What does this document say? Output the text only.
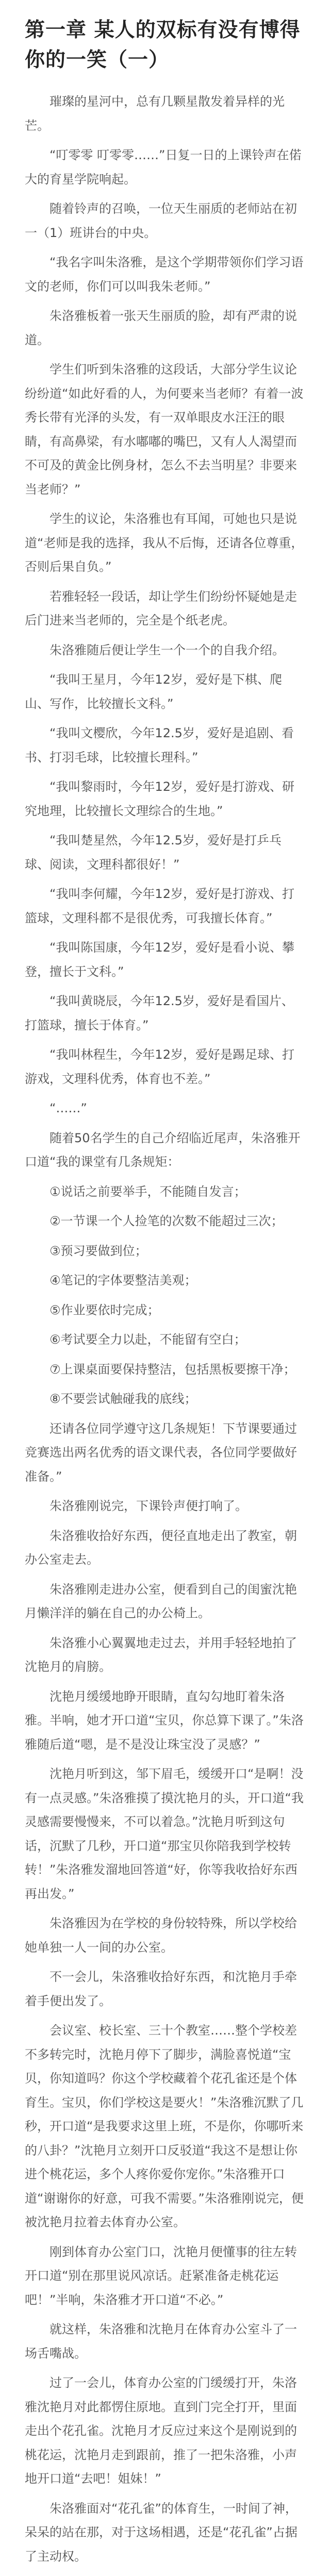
第一章 某人的双标有没有博得你的一笑（一）

璀璨的星河中，总有几颗星散发着异样的光芒。

“叮零零 叮零零……”日复一日的上课铃声在偌大的育星学院响起。

随着铃声的召唤，一位天生丽质的老师站在初一（1）班讲台的中央。

“我名字叫朱洛雅，是这个学期带领你们学习语文的老师，你们可以叫我朱老师。”

朱洛雅板着一张天生丽质的脸，却有严肃的说道。

学生们听到朱洛雅的这段话，大部分学生议论纷纷道“如此好看的人，为何要来当老师？有着一波秀长带有光泽的头发，有一双单眼皮水汪汪的眼睛，有高鼻梁，有水嘟嘟的嘴巴，又有人人渴望而不可及的黄金比例身材，怎么不去当明星？非要来当老师？”

学生的议论，朱洛雅也有耳闻，可她也只是说道“老师是我的选择，我从不后悔，还请各位尊重，否则后果自负。”

若雅轻轻一段话，却让学生们纷纷怀疑她是走后门进来当老师的，完全是个纸老虎。

朱洛雅随后便让学生一个一个的自我介绍。

“我叫王星月，今年12岁，爱好是下棋、爬山、写作，比较擅长文科。”

“我叫文樱欣，今年12.5岁，爱好是追剧、看书、打羽毛球，比较擅长理科。”

“我叫黎雨时，今年12岁，爱好是打游戏、研究地理，比较擅长文理综合的生地。”

“我叫楚星然，今年12.5岁，爱好是打乒乓球、阅读，文理科都很好！”

“我叫李何耀，今年12岁，爱好是打游戏、打篮球，文理科都不是很优秀，可我擅长体育。”

“我叫陈国康，今年12岁，爱好是看小说、攀登，擅长于文科。”

“我叫黄晓辰，今年12.5岁，爱好是看国片、打篮球，擅长于体育。”

“我叫林程生，今年12岁，爱好是踢足球、打游戏，文理科优秀，体育也不差。”

“……”

随着50名学生的自己介绍临近尾声，朱洛雅开口道“我的课堂有几条规矩：

①说话之前要举手，不能随自发言；

②一节课一个人捡笔的次数不能超过三次；

③预习要做到位；

④笔记的字体要整洁美观；

⑤作业要依时完成；

⑥考试要全力以赴，不能留有空白；

⑦上课桌面要保持整洁，包括黑板要擦干净；

⑧不要尝试触碰我的底线；

还请各位同学遵守这几条规矩！下节课要通过竞赛选出两名优秀的语文课代表，各位同学要做好准备。”

朱洛雅刚说完，下课铃声便打响了。

朱洛雅收拾好东西，便径直地走出了教室，朝办公室走去。

朱洛雅刚走进办公室，便看到自己的闺蜜沈艳月懒洋洋的躺在自己的办公椅上。

朱洛雅小心翼翼地走过去，并用手轻轻地拍了沈艳月的肩膀。

沈艳月缓缓地睁开眼睛，直勾勾地盯着朱洛雅。半响，她才开口道“宝贝，你总算下课了。”朱洛雅随后道“嗯，是不是没让珠宝没了灵感？”

沈艳月听到这，邹下眉毛，缓缓开口“是啊！没有一点灵感。”朱洛雅摸了摸沈艳月的头，开口道“我灵感需要慢慢来，不可以着急。”沈艳月听到这句话，沉默了几秒，开口道“那宝贝你陪我到学校转转！”朱洛雅发溜地回答道“好，你等我收拾好东西再出发。”

朱洛雅因为在学校的身份较特殊，所以学校给她单独一人一间的办公室。

不一会儿，朱洛雅收拾好东西，和沈艳月手牵着手便出发了。

会议室、校长室、三十个教室……整个学校差不多转完时，沈艳月停下了脚步，满脸喜悦道“宝贝，你知道吗？你这个学校藏着个花孔雀还是个体育生。宝贝，你们学校这是要火！”朱洛雅沉默了几秒，开口道“是我要求这里上班，不是你，你哪听来的八卦？”沈艳月立刻开口反驳道“我这不是想让你进个桃花运，多个人疼你爱你宠你。”朱洛雅开口道“谢谢你的好意，可我不需要。”朱洛雅刚说完，便被沈艳月拉着去体育办公室。

刚到体育办公室门口，沈艳月便懂事的往左转开口道“别在那里说风凉话。赶紧准备走桃花运吧！”半响，朱洛雅才开口道“不必。”

就这样，朱洛雅和沈艳月在体育办公室斗了一场舌嘴战。

过了一会儿，体育办公室的门缓缓打开，朱洛雅沈艳月对此都愣住原地。直到门完全打开，里面走出个花孔雀。沈艳月才反应过来这个是刚说到的桃花运，沈艳月走到跟前，推了一把朱洛雅，小声地开口道“去吧！姐妹！”

朱洛雅面对“花孔雀”的体育生，一时间了神，呆呆的站在那，对于这场相遇，还是“花孔雀”占据了主动权。
